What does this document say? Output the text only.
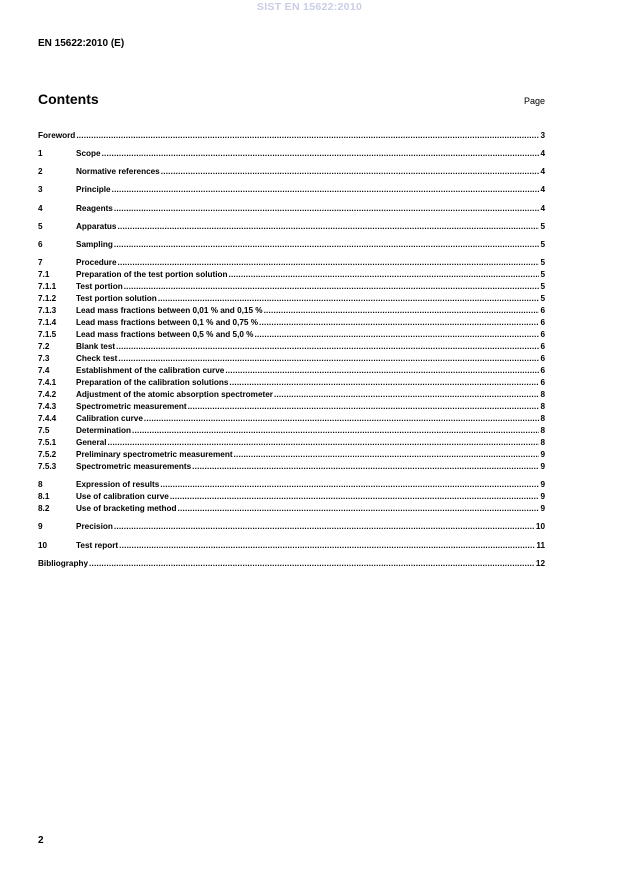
SIST EN 15622:2010
EN 15622:2010 (E)
Contents	Page
Foreword .....	3
1	Scope .....	4
2	Normative references .....	4
3	Principle .....	4
4	Reagents .....	4
5	Apparatus .....	5
6	Sampling .....	5
7	Procedure .....	5
7.1	Preparation of the test portion solution .....	5
7.1.1 Test portion .....	5
7.1.2 Test portion solution .....	5
7.1.3 Lead mass fractions between 0,01 % and 0,15 % .....	6
7.1.4 Lead mass fractions between 0,1 % and 0,75 % .....	6
7.1.5 Lead mass fractions between 0,5 % and 5,0 % .....	6
7.2	Blank test .....	6
7.3	Check test .....	6
7.4	Establishment of the calibration curve .....	6
7.4.1 Preparation of the calibration solutions .....	6
7.4.2 Adjustment of the atomic absorption spectrometer .....	8
7.4.3 Spectrometric measurement .....	8
7.4.4 Calibration curve .....	8
7.5	Determination .....	8
7.5.1 General .....	8
7.5.2 Preliminary spectrometric measurement .....	9
7.5.3 Spectrometric measurements .....	9
8	Expression of results .....	9
8.1	Use of calibration curve .....	9
8.2	Use of bracketing method .....	9
9	Precision .....	10
10	Test report .....	11
Bibliography .....	12
2
